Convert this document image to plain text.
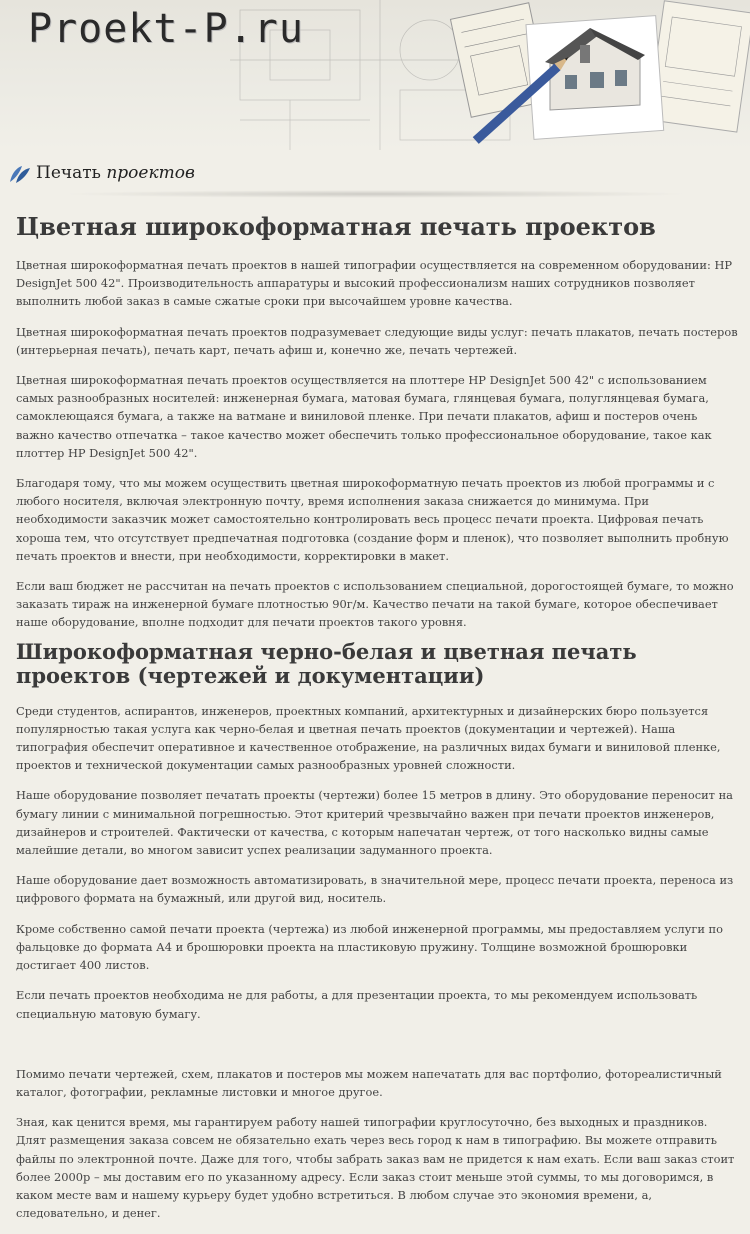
Proekt-P.ru
Печать проектов
Цветная широкоформатная печать проектов

Цветная широкоформатная печать проектов в нашей типографии осуществляется на современном оборудовании: HP DesignJet 500 42". Производительность аппаратуры и высокий профессионализм наших сотрудников позволяет выполнить любой заказ в самые сжатые сроки при высочайшем уровне качества.

Цветная широкоформатная печать проектов подразумевает следующие виды услуг: печать плакатов, печать постеров (интерьерная печать), печать карт, печать афиш и, конечно же, печать чертежей.

Цветная широкоформатная печать проектов осуществляется на плоттере HP DesignJet 500 42" с использованием самых разнообразных носителей: инженерная бумага, матовая бумага, глянцевая бумага, полуглянцевая бумага, самоклеющаяся бумага, а также на ватмане и виниловой пленке. При печати плакатов, афиш и постеров очень важно качество отпечатка – такое качество может обеспечить только профессиональное оборудование, такое как плоттер HP DesignJet 500 42".

Благодаря тому, что мы можем осуществить цветная широкоформатную печать проектов из любой программы и с любого носителя, включая электронную почту, время исполнения заказа снижается до минимума. При необходимости заказчик может самостоятельно контролировать весь процесс печати проекта. Цифровая печать хороша тем, что отсутствует предпечатная подготовка (создание форм и пленок), что позволяет выполнить пробную печать проектов и внести, при необходимости, корректировки в макет.

Если ваш бюджет не рассчитан на печать проектов с использованием специальной, дорогостоящей бумаге, то можно заказать тираж на инженерной бумаге плотностью 90г/м. Качество печати на такой бумаге, которое обеспечивает наше оборудование, вполне подходит для печати проектов такого уровня.

Широкоформатная черно-белая и цветная печать проектов (чертежей и документации)

Среди студентов, аспирантов, инженеров, проектных компаний, архитектурных и дизайнерских бюро пользуется популярностью такая услуга как черно-белая и цветная печать проектов (документации и чертежей). Наша типография обеспечит оперативное и качественное отображение, на различных видах бумаги и виниловой пленке, проектов и технической документации самых разнообразных уровней сложности.

Наше оборудование позволяет печатать проекты (чертежи) более 15 метров в длину. Это оборудование переносит на бумагу линии с минимальной погрешностью. Этот критерий чрезвычайно важен при печати проектов инженеров, дизайнеров и строителей. Фактически от качества, с которым напечатан чертеж, от того насколько видны самые малейшие детали, во многом зависит успех реализации задуманного проекта.

Наше оборудование дает возможность автоматизировать, в значительной мере, процесс печати проекта, переноса из цифрового формата на бумажный, или другой вид, носитель.

Кроме собственно самой печати проекта (чертежа) из любой инженерной программы, мы предоставляем услуги по фальцовке до формата А4 и брошюровки проекта на пластиковую пружину. Толщине возможной брошюровки достигает 400 листов.

Если печать проектов необходима не для работы, а для презентации проекта, то мы рекомендуем использовать специальную матовую бумагу.

Помимо печати чертежей, схем, плакатов и постеров мы можем напечатать для вас портфолио, фотореалистичный каталог, фотографии, рекламные листовки и многое другое.

Зная, как ценится время, мы гарантируем работу нашей типографии круглосуточно, без выходных и праздников. Длят размещения заказа совсем не обязательно ехать через весь город к нам в типографию. Вы можете отправить файлы по электронной почте. Даже для того, чтобы забрать заказ вам не придется к нам ехать. Если ваш заказ стоит более 2000р – мы доставим его по указанному адресу. Если заказ стоит меньше этой суммы, то мы договоримся, в каком месте вам и нашему курьеру будет удобно встретиться. В любом случае это экономия времени, а, следовательно, и денег.
